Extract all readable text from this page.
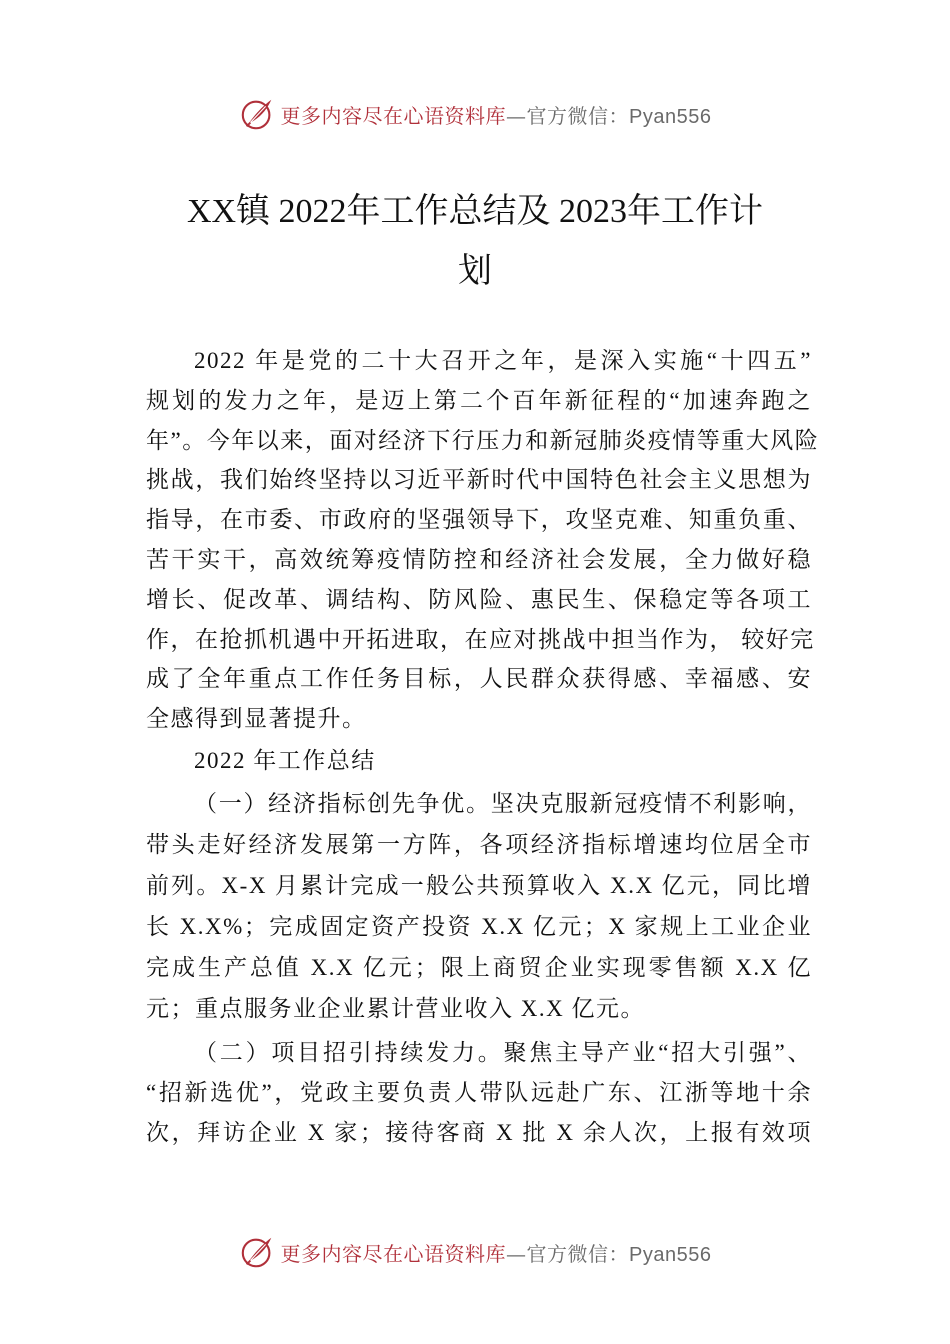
更多内容尽在心语资料库—官方微信：Pyan556
XX镇 2022年工作总结及 2023年工作计
划
2022 年是党的二十大召开之年，是深入实施“十四五”
规划的发力之年，是迈上第二个百年新征程的“加速奔跑之
年”。今年以来，面对经济下行压力和新冠肺炎疫情等重大风险
挑战，我们始终坚持以习近平新时代中国特色社会主义思想为
指导，在市委、市政府的坚强领导下，攻坚克难、知重负重、
苦干实干，高效统筹疫情防控和经济社会发展，全力做好稳
增长、促改革、调结构、防风险、惠民生、保稳定等各项工
作，在抢抓机遇中开拓进取，在应对挑战中担当作为， 较好完
成了全年重点工作任务目标，人民群众获得感、幸福感、安
全感得到显著提升。
2022 年工作总结
（一）经济指标创先争优。坚决克服新冠疫情不利影响，
带头走好经济发展第一方阵，各项经济指标增速均位居全市
前列。X-X 月累计完成一般公共预算收入 X.X 亿元，同比增
长 X.X%；完成固定资产投资 X.X 亿元；X 家规上工业企业
完成生产总值 X.X 亿元；限上商贸企业实现零售额 X.X 亿
元；重点服务业企业累计营业收入 X.X 亿元。
（二）项目招引持续发力。聚焦主导产业“招大引强”、
“招新选优”，党政主要负责人带队远赴广东、江浙等地十余
次，拜访企业 X 家；接待客商 X 批 X 余人次，上报有效项
更多内容尽在心语资料库—官方微信：Pyan556
